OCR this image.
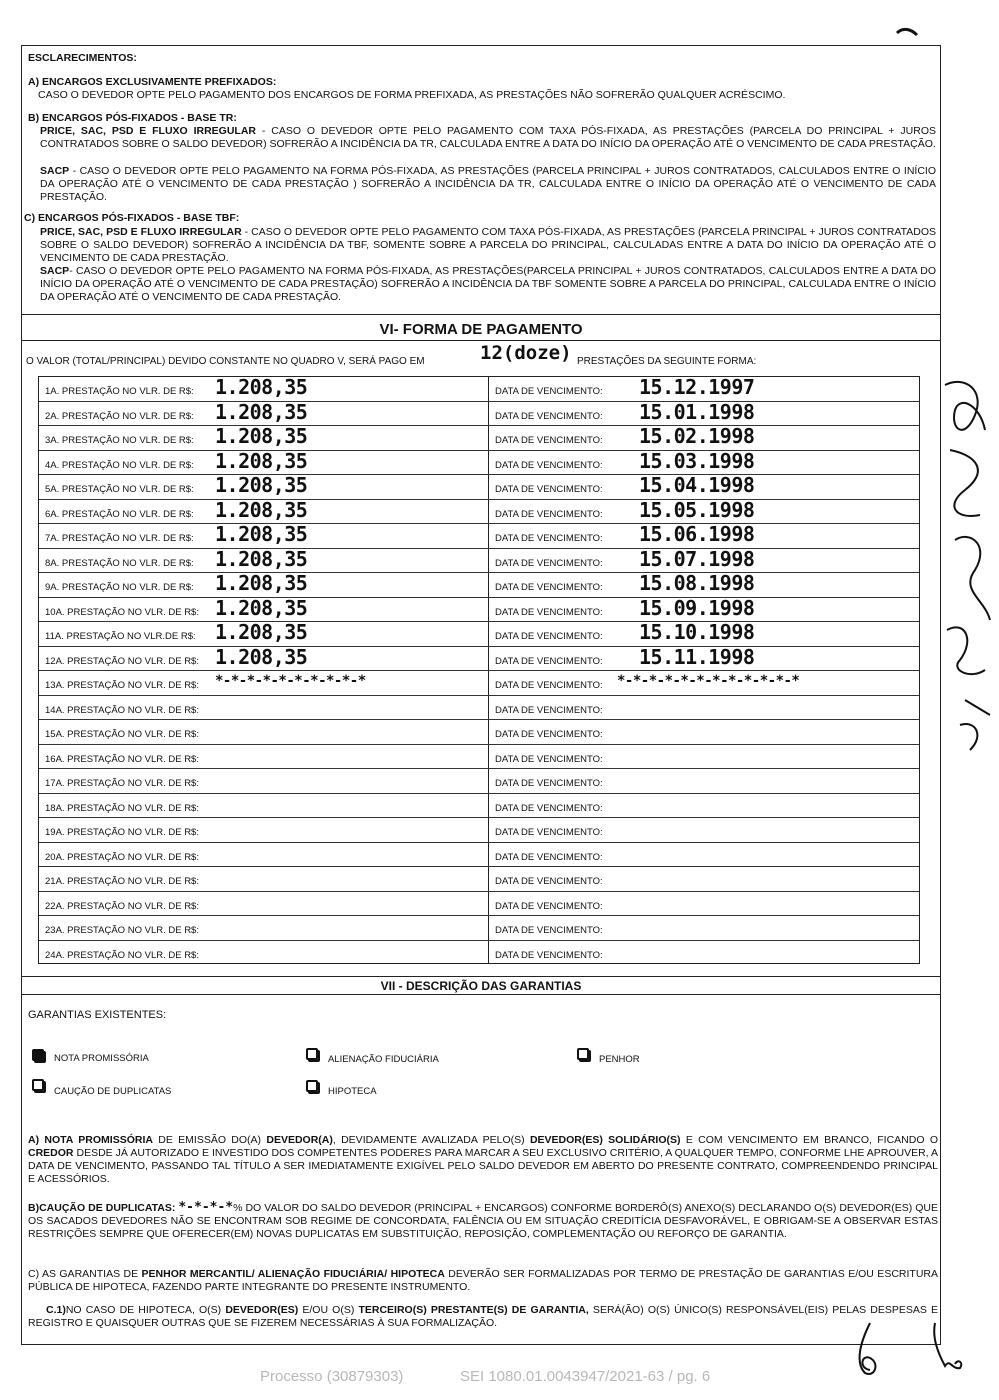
ESCLARECIMENTOS:
A) ENCARGOS EXCLUSIVAMENTE PREFIXADOS:
CASO O DEVEDOR OPTE PELO PAGAMENTO DOS ENCARGOS DE FORMA PREFIXADA, AS PRESTAÇÕES NÃO SOFRERÃO QUALQUER ACRÉSCIMO.
B) ENCARGOS PÓS-FIXADOS - BASE TR:
PRICE, SAC, PSD E FLUXO IRREGULAR - CASO O DEVEDOR OPTE PELO PAGAMENTO COM TAXA PÓS-FIXADA, AS PRESTAÇÕES (PARCELA DO PRINCIPAL + JUROS CONTRATADOS SOBRE O SALDO DEVEDOR) SOFRERÃO A INCIDÊNCIA DA TR, CALCULADA ENTRE A DATA DO INÍCIO DA OPERAÇÃO ATÉ O VENCIMENTO DE CADA PRESTAÇÃO.
SACP - CASO O DEVEDOR OPTE PELO PAGAMENTO NA FORMA PÓS-FIXADA, AS PRESTAÇÕES (PARCELA PRINCIPAL + JUROS CONTRATADOS, CALCULADOS ENTRE O INÍCIO DA OPERAÇÃO ATÉ O VENCIMENTO DE CADA PRESTAÇÃO ) SOFRERÃO A INCIDÊNCIA DA TR, CALCULADA ENTRE O INÍCIO DA OPERAÇÃO ATÉ O VENCIMENTO DE CADA PRESTAÇÃO.
C) ENCARGOS PÓS-FIXADOS - BASE TBF:
PRICE, SAC, PSD E FLUXO IRREGULAR - CASO O DEVEDOR OPTE PELO PAGAMENTO COM TAXA PÓS-FIXADA, AS PRESTAÇÕES (PARCELA PRINCIPAL + JUROS CONTRATADOS SOBRE O SALDO DEVEDOR) SOFRERÃO A INCIDÊNCIA DA TBF, SOMENTE SOBRE A PARCELA DO PRINCIPAL, CALCULADAS ENTRE A DATA DO INÍCIO DA OPERAÇÃO ATÉ O VENCIMENTO DE CADA PRESTAÇÃO.
SACP- CASO O DEVEDOR OPTE PELO PAGAMENTO NA FORMA PÓS-FIXADA, AS PRESTAÇÕES(PARCELA PRINCIPAL + JUROS CONTRATADOS, CALCULADOS ENTRE A DATA DO INÍCIO DA OPERAÇÃO ATÉ O VENCIMENTO DE CADA PRESTAÇÃO) SOFRERÃO A INCIDÊNCIA DA TBF SOMENTE SOBRE A PARCELA DO PRINCIPAL, CALCULADA ENTRE O INÍCIO DA OPERAÇÃO ATÉ O VENCIMENTO DE CADA PRESTAÇÃO.
VI- FORMA DE PAGAMENTO
O VALOR (TOTAL/PRINCIPAL) DEVIDO CONSTANTE NO QUADRO V, SERÁ PAGO EM	12(doze) PRESTAÇÕES DA SEGUINTE FORMA:
1A. PRESTAÇÃO NO VLR. DE R$: 1.208,35	DATA DE VENCIMENTO: 15.12.1997
2A. PRESTAÇÃO NO VLR. DE R$: 1.208,35	DATA DE VENCIMENTO: 15.01.1998
3A. PRESTAÇÃO NO VLR. DE R$: 1.208,35	DATA DE VENCIMENTO: 15.02.1998
4A. PRESTAÇÃO NO VLR. DE R$: 1.208,35	DATA DE VENCIMENTO: 15.03.1998
5A. PRESTAÇÃO NO VLR. DE R$: 1.208,35	DATA DE VENCIMENTO: 15.04.1998
6A. PRESTAÇÃO NO VLR. DE R$: 1.208,35	DATA DE VENCIMENTO: 15.05.1998
7A. PRESTAÇÃO NO VLR. DE R$: 1.208,35	DATA DE VENCIMENTO: 15.06.1998
8A. PRESTAÇÃO NO VLR. DE R$: 1.208,35	DATA DE VENCIMENTO: 15.07.1998
9A. PRESTAÇÃO NO VLR. DE R$: 1.208,35	DATA DE VENCIMENTO: 15.08.1998
10A. PRESTAÇÃO NO VLR. DE R$: 1.208,35	DATA DE VENCIMENTO: 15.09.1998
11A. PRESTAÇÃO NO VLR.DE R$: 1.208,35	DATA DE VENCIMENTO: 15.10.1998
12A. PRESTAÇÃO NO VLR. DE R$: 1.208,35	DATA DE VENCIMENTO: 15.11.1998
13A. PRESTAÇÃO NO VLR. DE R$: *-*-*-*-*-*-*-*-*-*	DATA DE VENCIMENTO: *-*-*-*-*-*-*-*-*-*-*-*
14A. PRESTAÇÃO NO VLR. DE R$:	DATA DE VENCIMENTO:
15A. PRESTAÇÃO NO VLR. DE R$:	DATA DE VENCIMENTO:
16A. PRESTAÇÃO NO VLR. DE R$:	DATA DE VENCIMENTO:
17A. PRESTAÇÃO NO VLR. DE R$:	DATA DE VENCIMENTO:
18A. PRESTAÇÃO NO VLR. DE R$:	DATA DE VENCIMENTO:
19A. PRESTAÇÃO NO VLR. DE R$:	DATA DE VENCIMENTO:
20A. PRESTAÇÃO NO VLR. DE R$:	DATA DE VENCIMENTO:
21A. PRESTAÇÃO NO VLR. DE R$:	DATA DE VENCIMENTO:
22A. PRESTAÇÃO NO VLR. DE R$:	DATA DE VENCIMENTO:
23A. PRESTAÇÃO NO VLR. DE R$:	DATA DE VENCIMENTO:
24A. PRESTAÇÃO NO VLR. DE R$:	DATA DE VENCIMENTO:
VII - DESCRIÇÃO DAS GARANTIAS
GARANTIAS EXISTENTES:
NOTA PROMISSÓRIA	ALIENAÇÃO FIDUCIÁRIA	PENHOR
CAUÇÃO DE DUPLICATAS	HIPOTECA
A) NOTA PROMISSÓRIA DE EMISSÃO DO(A) DEVEDOR(A), DEVIDAMENTE AVALIZADA PELO(S) DEVEDOR(ES) SOLIDÁRIO(S) E COM VENCIMENTO EM BRANCO, FICANDO O CREDOR DESDE JÁ AUTORIZADO E INVESTIDO DOS COMPETENTES PODERES PARA MARCAR A SEU EXCLUSIVO CRITÉRIO, A QUALQUER TEMPO, CONFORME LHE APROUVER, A DATA DE VENCIMENTO, PASSANDO TAL TÍTULO A SER IMEDIATAMENTE EXIGÍVEL PELO SALDO DEVEDOR EM ABERTO DO PRESENTE CONTRATO, COMPREENDENDO PRINCIPAL E ACESSÓRIOS.
B)CAUÇÃO DE DUPLICATAS: *-*-*-*% DO VALOR DO SALDO DEVEDOR (PRINCIPAL + ENCARGOS) CONFORME BORDERÔ(S) ANEXO(S) DECLARANDO O(S) DEVEDOR(ES) QUE OS SACADOS DEVEDORES NÃO SE ENCONTRAM SOB REGIME DE CONCORDATA, FALÊNCIA OU EM SITUAÇÃO CREDITÍCIA DESFAVORÁVEL, E OBRIGAM-SE A OBSERVAR ESTAS RESTRIÇÕES SEMPRE QUE OFERECER(EM) NOVAS DUPLICATAS EM SUBSTITUIÇÃO, REPOSIÇÃO, COMPLEMENTAÇÃO OU REFORÇO DE GARANTIA.
C) AS GARANTIAS DE PENHOR MERCANTIL/ ALIENAÇÃO FIDUCIÁRIA/ HIPOTECA DEVERÃO SER FORMALIZADAS POR TERMO DE PRESTAÇÃO DE GARANTIAS E/OU ESCRITURA PÚBLICA DE HIPOTECA, FAZENDO PARTE INTEGRANTE DO PRESENTE INSTRUMENTO.
C.1)NO CASO DE HIPOTECA, O(S) DEVEDOR(ES) E/OU O(S) TERCEIRO(S) PRESTANTE(S) DE GARANTIA, SERÁ(ÃO) O(S) ÚNICO(S) RESPONSÁVEL(EIS) PELAS DESPESAS E REGISTRO E QUAISQUER OUTRAS QUE SE FIZEREM NECESSÁRIAS À SUA FORMALIZAÇÃO.
Processo (30879303)	SEI 1080.01.0043947/2021-63 / pg. 6
